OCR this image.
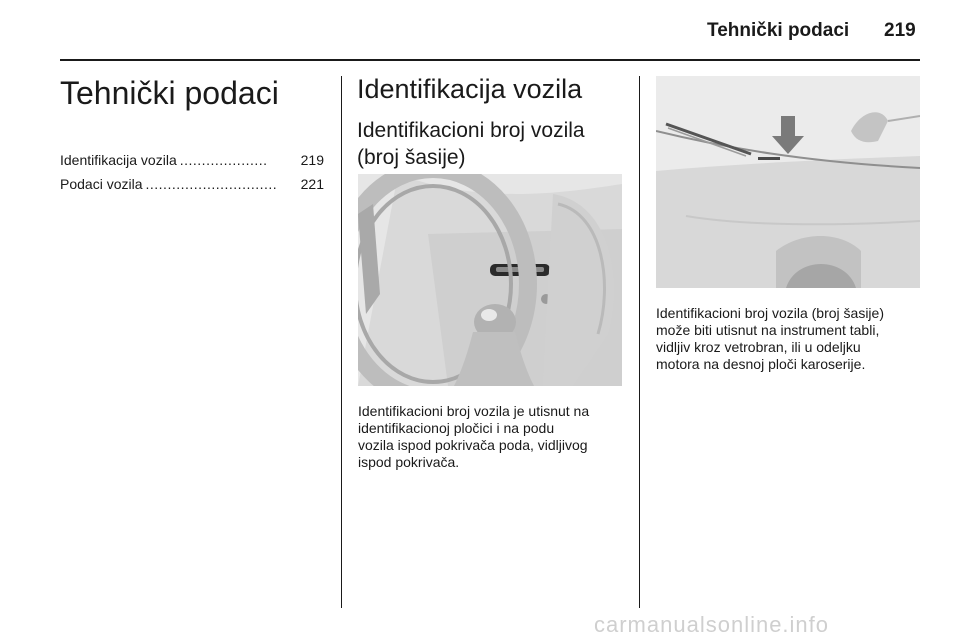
Tehnički podaci 219
Tehnički podaci
Identifikacija vozila ....................	219
Podaci vozila ..............................	221
Identifikacija vozila
Identifikacioni broj vozila
(broj šasije)
Identifikacioni broj vozila je utisnut na
identifikacionoj pločici i na podu
vozila ispod pokrivača poda, vidljivog
ispod pokrivača.
Identifikacioni broj vozila (broj šasije)
može biti utisnut na instrument tabli,
vidljiv kroz vetrobran, ili u odeljku
motora na desnoj ploči karoserije.
carmanualsonline.info
